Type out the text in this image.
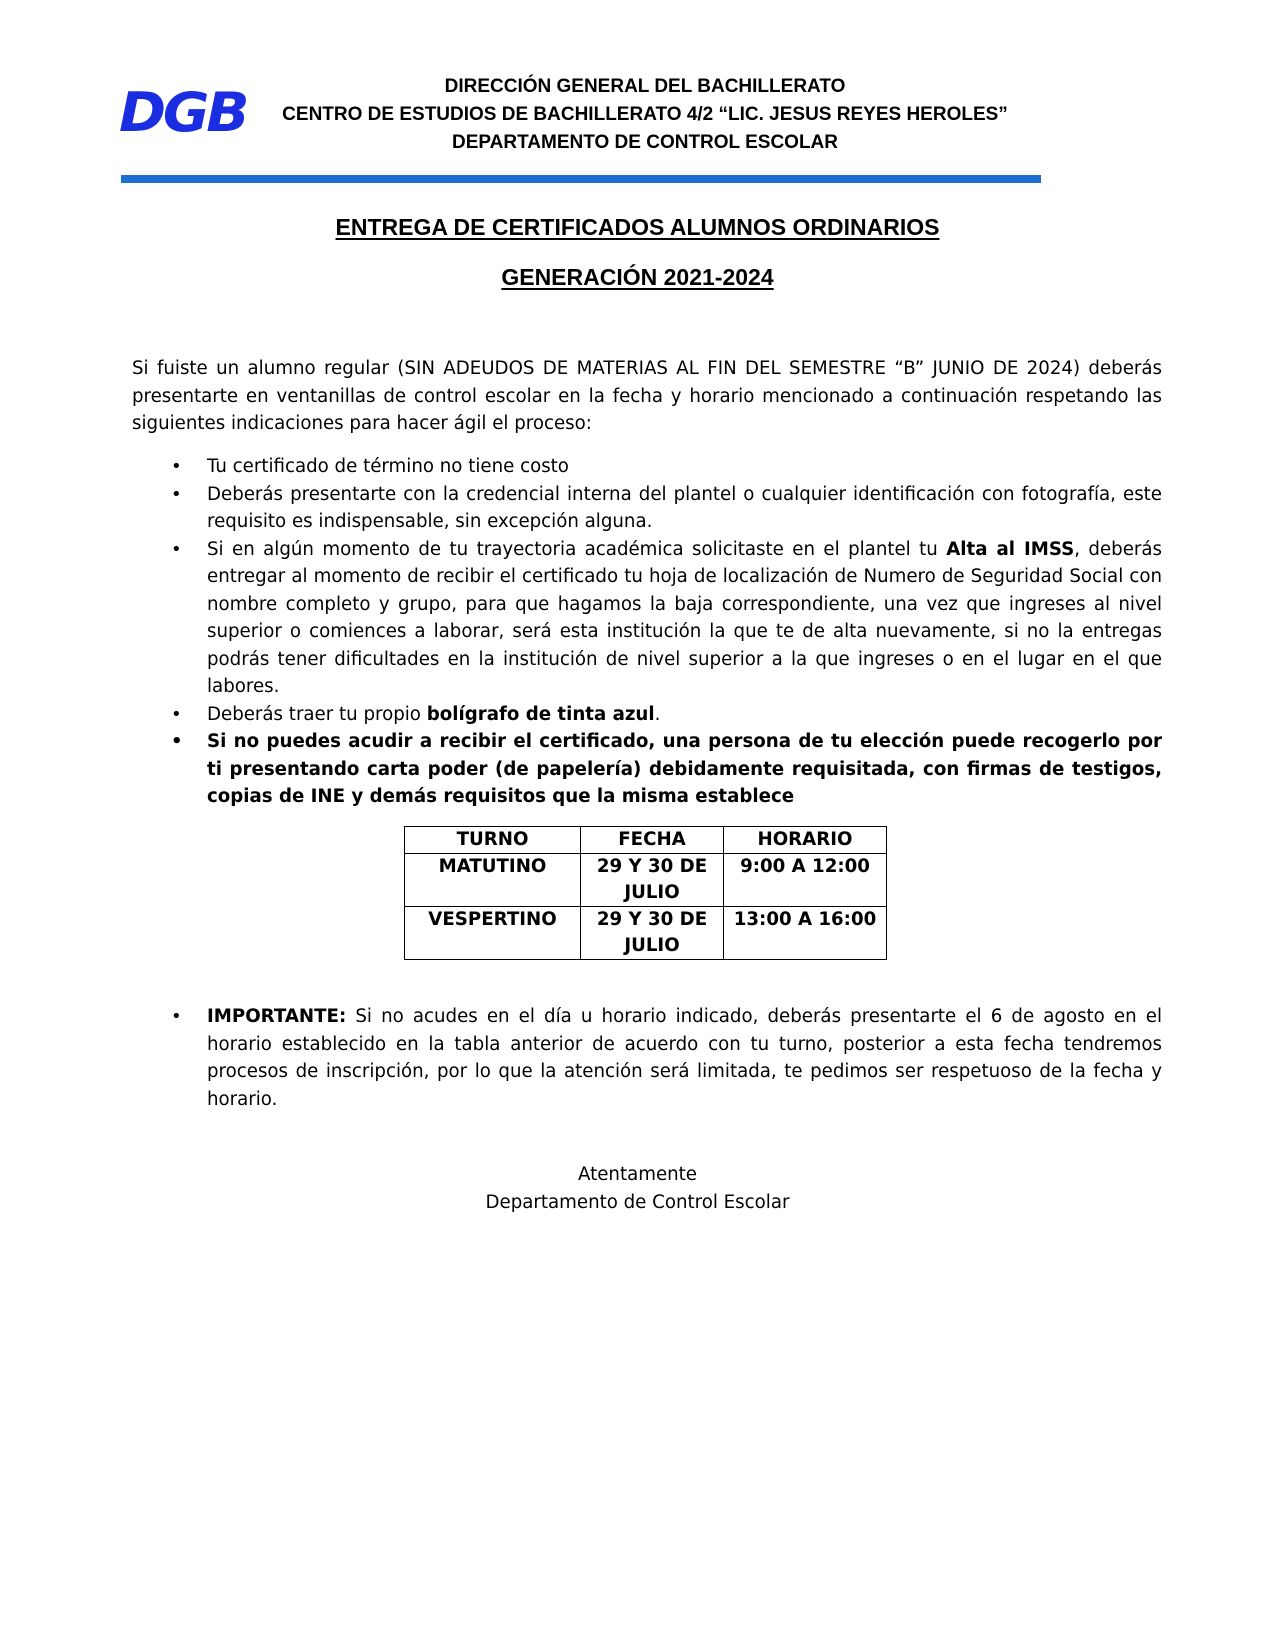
DGB	DIRECCIÓN GENERAL DEL BACHILLERATO
CENTRO DE ESTUDIOS DE BACHILLERATO 4/2 “LIC. JESUS REYES HEROLES”
DEPARTAMENTO DE CONTROL ESCOLAR
ENTREGA DE CERTIFICADOS ALUMNOS ORDINARIOS
GENERACIÓN 2021-2024
Si fuiste un alumno regular (SIN ADEUDOS DE MATERIAS AL FIN DEL SEMESTRE “B” JUNIO DE 2024) deberás presentarte en ventanillas de control escolar en la fecha y horario mencionado a continuación respetando las siguientes indicaciones para hacer ágil el proceso:
• Tu certificado de término no tiene costo
• Deberás presentarte con la credencial interna del plantel o cualquier identificación con fotografía, este requisito es indispensable, sin excepción alguna.
• Si en algún momento de tu trayectoria académica solicitaste en el plantel tu Alta al IMSS, deberás entregar al momento de recibir el certificado tu hoja de localización de Numero de Seguridad Social con nombre completo y grupo, para que hagamos la baja correspondiente, una vez que ingreses al nivel superior o comiences a laborar, será esta institución la que te de alta nuevamente, si no la entregas podrás tener dificultades en la institución de nivel superior a la que ingreses o en el lugar en el que labores.
• Deberás traer tu propio bolígrafo de tinta azul.
• Si no puedes acudir a recibir el certificado, una persona de tu elección puede recogerlo por ti presentando carta poder (de papelería) debidamente requisitada, con firmas de testigos, copias de INE y demás requisitos que la misma establece
TURNO	FECHA	HORARIO
MATUTINO	29 Y 30 DE JULIO	9:00 A 12:00
VESPERTINO	29 Y 30 DE JULIO	13:00 A 16:00
• IMPORTANTE: Si no acudes en el día u horario indicado, deberás presentarte el 6 de agosto en el horario establecido en la tabla anterior de acuerdo con tu turno, posterior a esta fecha tendremos procesos de inscripción, por lo que la atención será limitada, te pedimos ser respetuoso de la fecha y horario.
Atentamente
Departamento de Control Escolar
